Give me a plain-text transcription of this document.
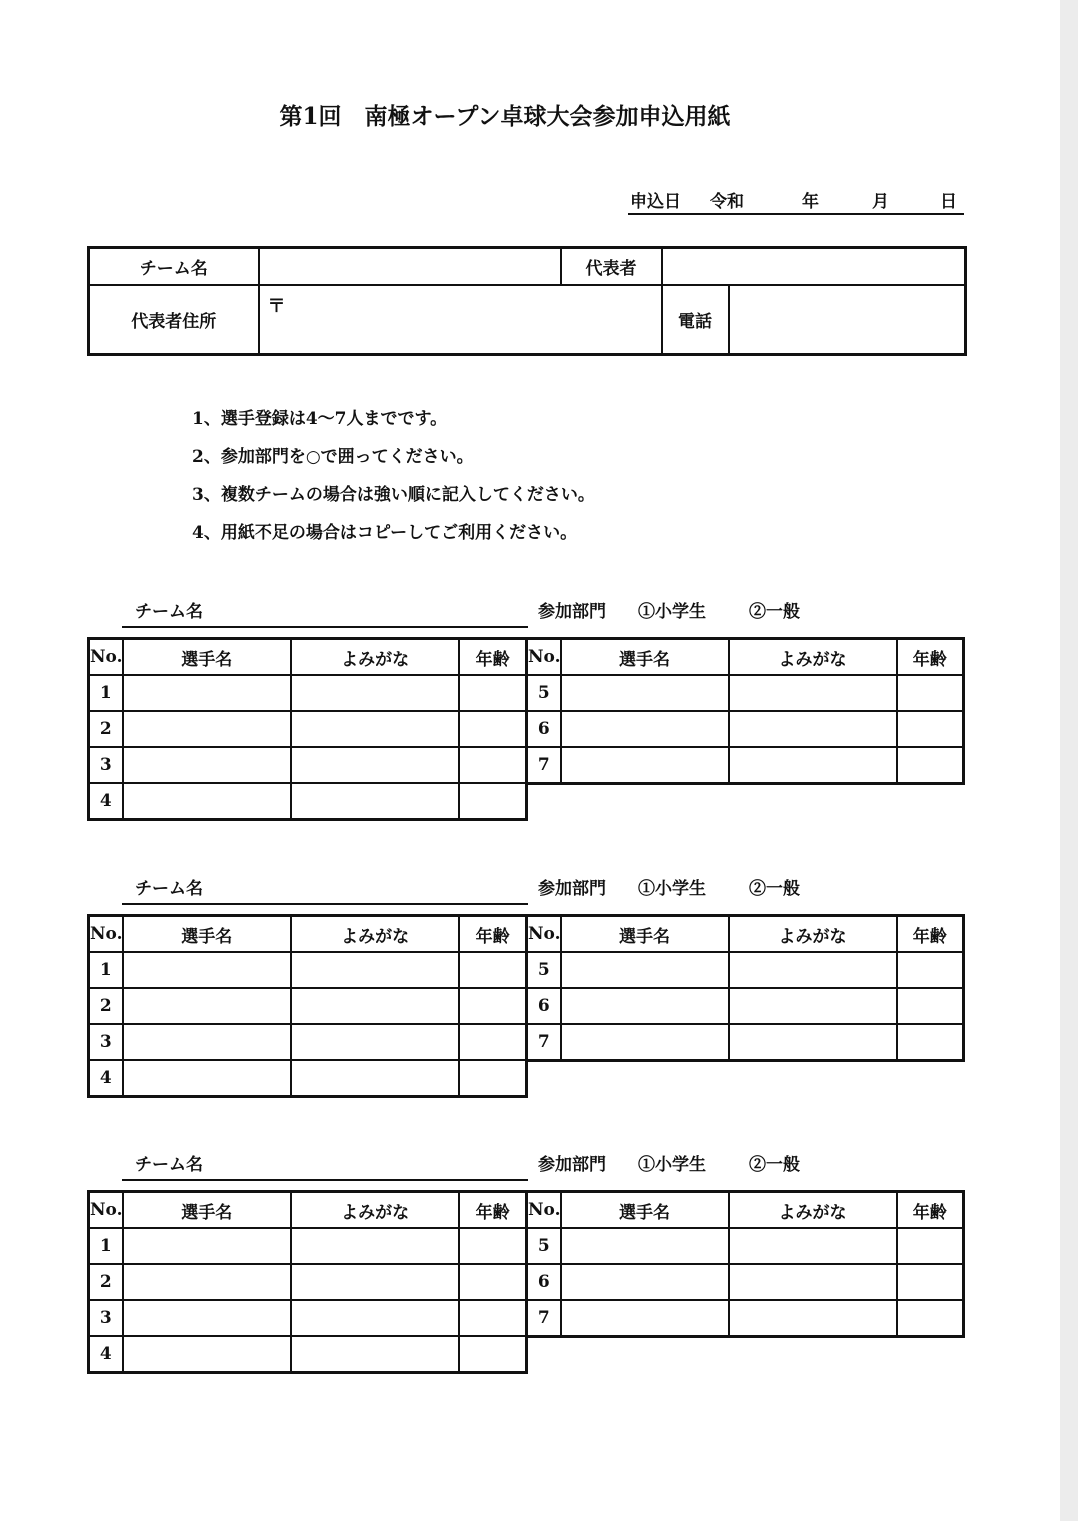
第1回　南極オープン卓球大会参加申込用紙
申込日 令和	年	月	日
チーム名		代表者		
代表者住所	〒		電話	
1、選手登録は4～7人までです。
2、参加部門を○で囲ってください。
3、複数チームの場合は強い順に記入してください。
4、用紙不足の場合はコピーしてご利用ください。
チーム名	参加部門 ①小学生	②一般
No.	選手名	よみがな	年齢
1			
2			
3			
4			
No.	選手名	よみがな	年齢
5			
6			
7			
チーム名	参加部門 ①小学生	②一般
No.	選手名	よみがな	年齢
1			
2			
3			
4			
No.	選手名	よみがな	年齢
5			
6			
7			
チーム名	参加部門 ①小学生	②一般
No.	選手名	よみがな	年齢
1			
2			
3			
4			
No.	選手名	よみがな	年齢
5			
6			
7			
